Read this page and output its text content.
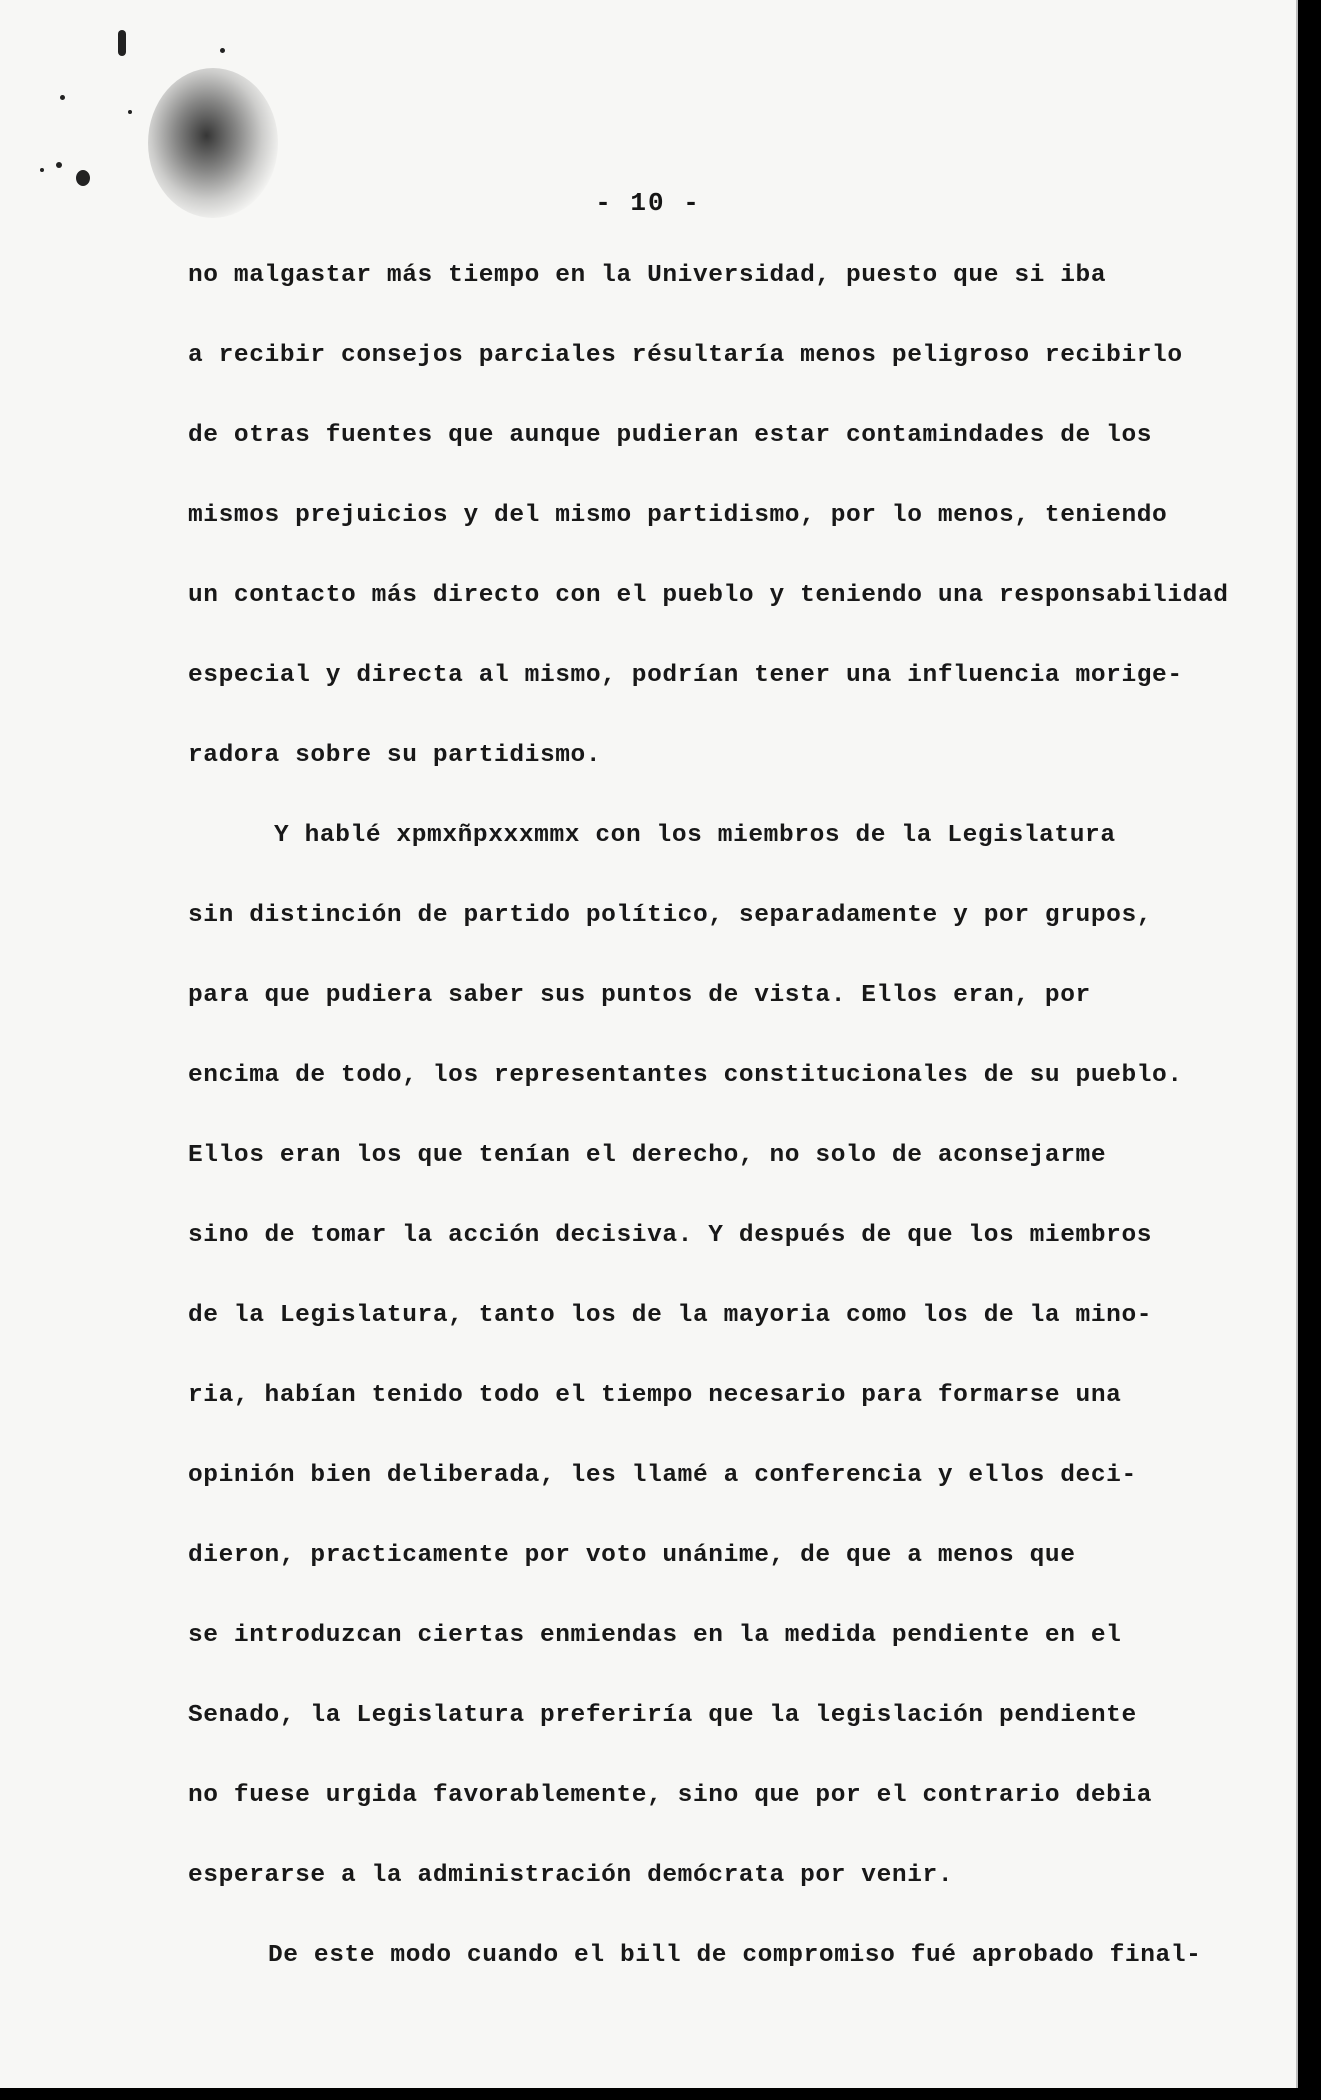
- 10 -
no malgastar más tiempo en la Universidad, puesto que si iba
a recibir consejos parciales résultaría menos peligroso recibirlo
de otras fuentes que aunque pudieran estar contamindades de los
mismos prejuicios y del mismo partidismo, por lo menos, teniendo
un contacto más directo con el pueblo y teniendo una responsabilidad
especial y directa al mismo, podrían tener una influencia morige-
radora sobre su partidismo.
Y hablé xpmxñpxxxmmx con los miembros de la Legislatura
sin distinción de partido político, separadamente y por grupos,
para que pudiera saber sus puntos de vista. Ellos eran, por
encima de todo, los representantes constitucionales de su pueblo.
Ellos eran los que tenían el derecho, no solo de aconsejarme
sino de tomar la acción decisiva. Y después de que los miembros
de la Legislatura, tanto los de la mayoria como los de la mino-
ria, habían tenido todo el tiempo necesario para formarse una
opinión bien deliberada, les llamé a conferencia y ellos deci-
dieron, practicamente por voto unánime, de que a menos que
se introduzcan ciertas enmiendas en la medida pendiente en el
Senado, la Legislatura preferiría que la legislación pendiente
no fuese urgida favorablemente, sino que por el contrario debia
esperarse a la administración demócrata por venir.
De este modo cuando el bill de compromiso fué aprobado final-
